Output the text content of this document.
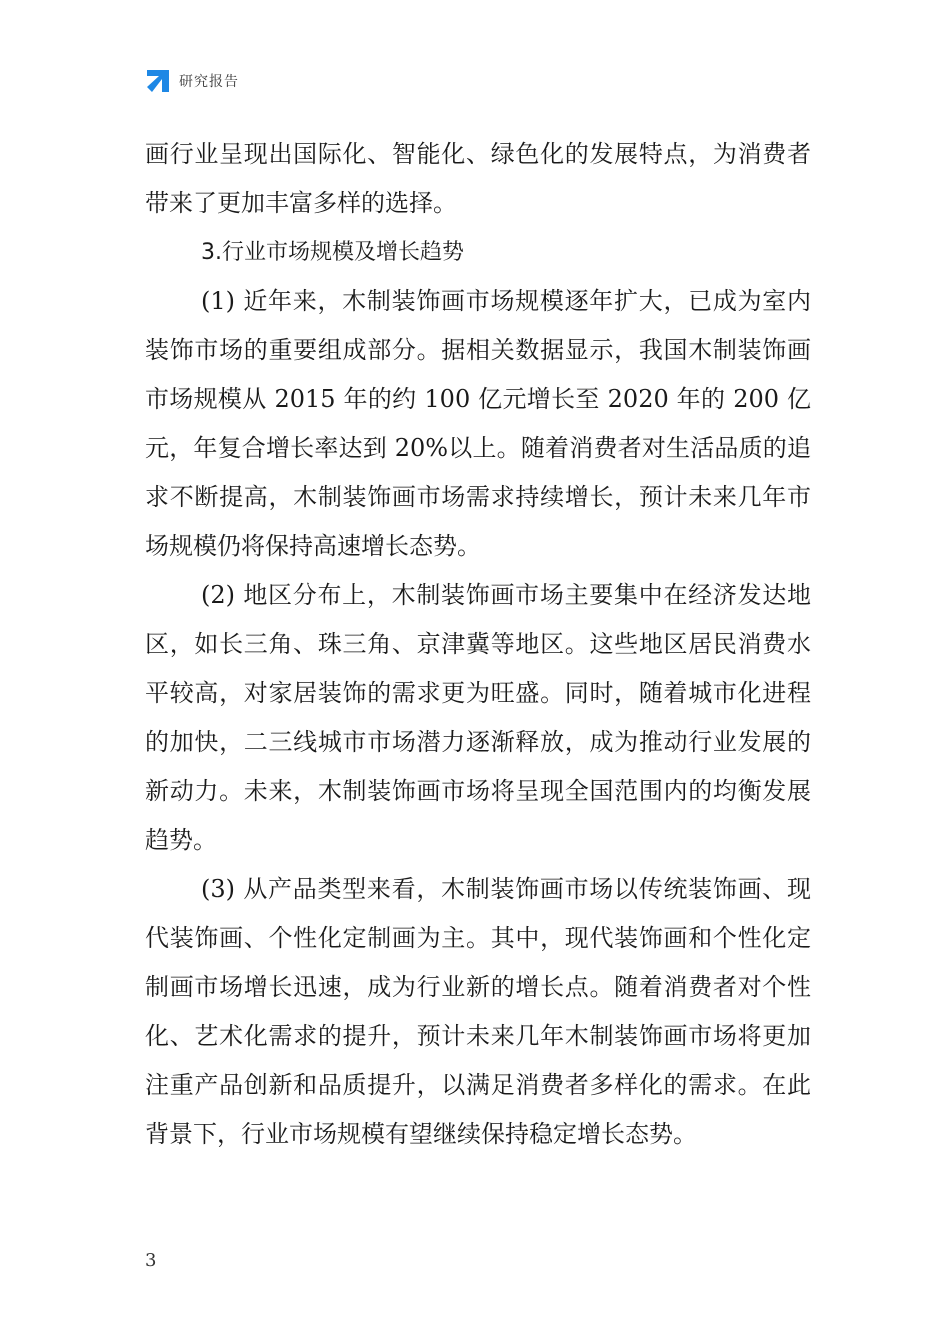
研究报告

画行业呈现出国际化、智能化、绿色化的发展特点，为消费者带来了更加丰富多样的选择。

3.行业市场规模及增长趋势

(1) 近年来，木制装饰画市场规模逐年扩大，已成为室内装饰市场的重要组成部分。据相关数据显示，我国木制装饰画市场规模从 2015 年的约 100 亿元增长至 2020 年的 200 亿元，年复合增长率达到 20%以上。随着消费者对生活品质的追求不断提高，木制装饰画市场需求持续增长，预计未来几年市场规模仍将保持高速增长态势。

(2) 地区分布上，木制装饰画市场主要集中在经济发达地区，如长三角、珠三角、京津冀等地区。这些地区居民消费水平较高，对家居装饰的需求更为旺盛。同时，随着城市化进程的加快，二三线城市市场潜力逐渐释放，成为推动行业发展的新动力。未来，木制装饰画市场将呈现全国范围内的均衡发展趋势。

(3) 从产品类型来看，木制装饰画市场以传统装饰画、现代装饰画、个性化定制画为主。其中，现代装饰画和个性化定制画市场增长迅速，成为行业新的增长点。随着消费者对个性化、艺术化需求的提升，预计未来几年木制装饰画市场将更加注重产品创新和品质提升，以满足消费者多样化的需求。在此背景下，行业市场规模有望继续保持稳定增长态势。

3
